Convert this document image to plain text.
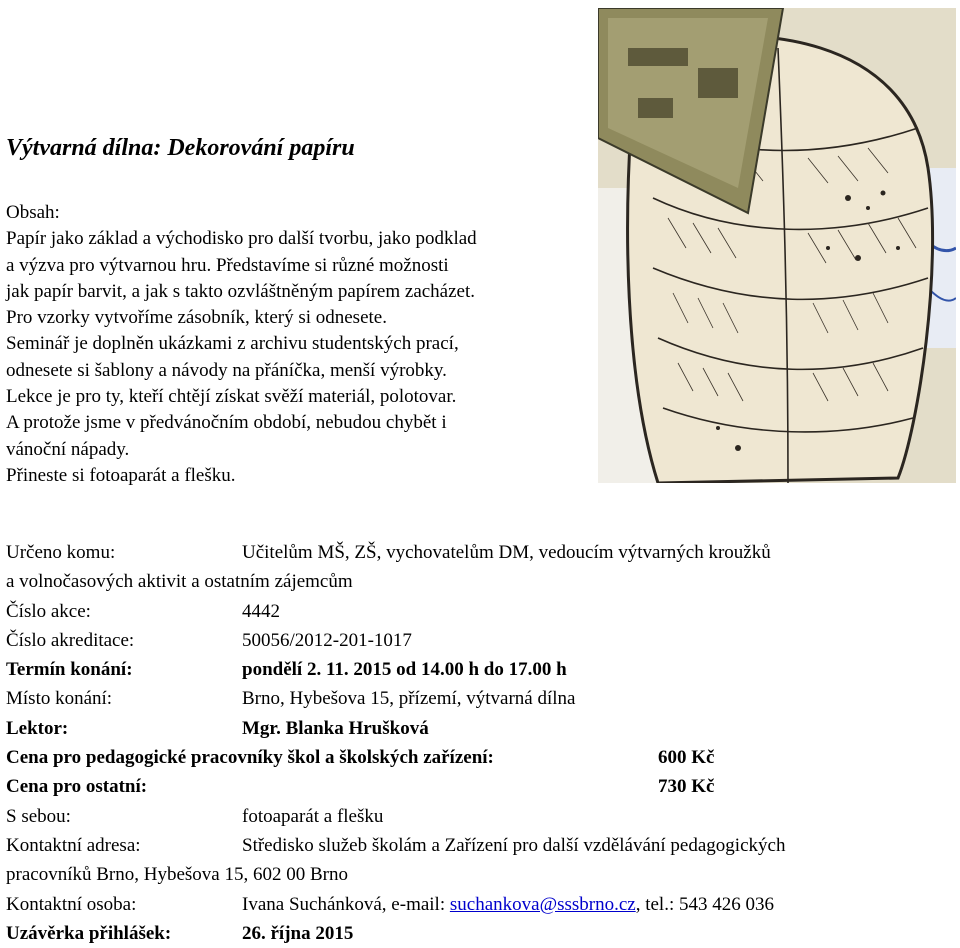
Výtvarná dílna: Dekorování papíru
Obsah:
Papír jako základ a východisko pro další tvorbu, jako podklad
a výzva pro výtvarnou hru. Představíme si různé možnosti
jak papír barvit, a jak s takto ozvláštněným papírem zacházet.
Pro vzorky vytvoříme zásobník, který si odnesete.
Seminář je doplněn ukázkami z archivu studentských prací,
odnesete si šablony a návody na přáníčka, menší výrobky.
Lekce je pro ty, kteří chtějí získat svěží materiál, polotovar.
A protože jsme v předvánočním období, nebudou chybět i
vánoční nápady.
Přineste si fotoaparát a flešku.
Určeno komu:	Učitelům MŠ, ZŠ, vychovatelům DM, vedoucím výtvarných kroužků
a volnočasových aktivit a ostatním zájemcům
Číslo akce:	4442
Číslo akreditace:	50056/2012-201-1017
Termín konání:	pondělí 2. 11. 2015 od 14.00 h do 17.00 h
Místo konání:	Brno, Hybešova 15, přízemí, výtvarná dílna
Lektor:	Mgr. Blanka Hrušková
Cena pro pedagogické pracovníky škol a školských zařízení:	600 Kč
Cena pro ostatní:	730 Kč
S sebou:	fotoaparát a flešku
Kontaktní adresa:	Středisko služeb školám a Zařízení pro další vzdělávání pedagogických
pracovníků Brno, Hybešova 15, 602 00 Brno
Kontaktní osoba:	Ivana Suchánková, e-mail: suchankova@sssbrno.cz, tel.: 543 426 036
Uzávěrka přihlášek:	26. října 2015
